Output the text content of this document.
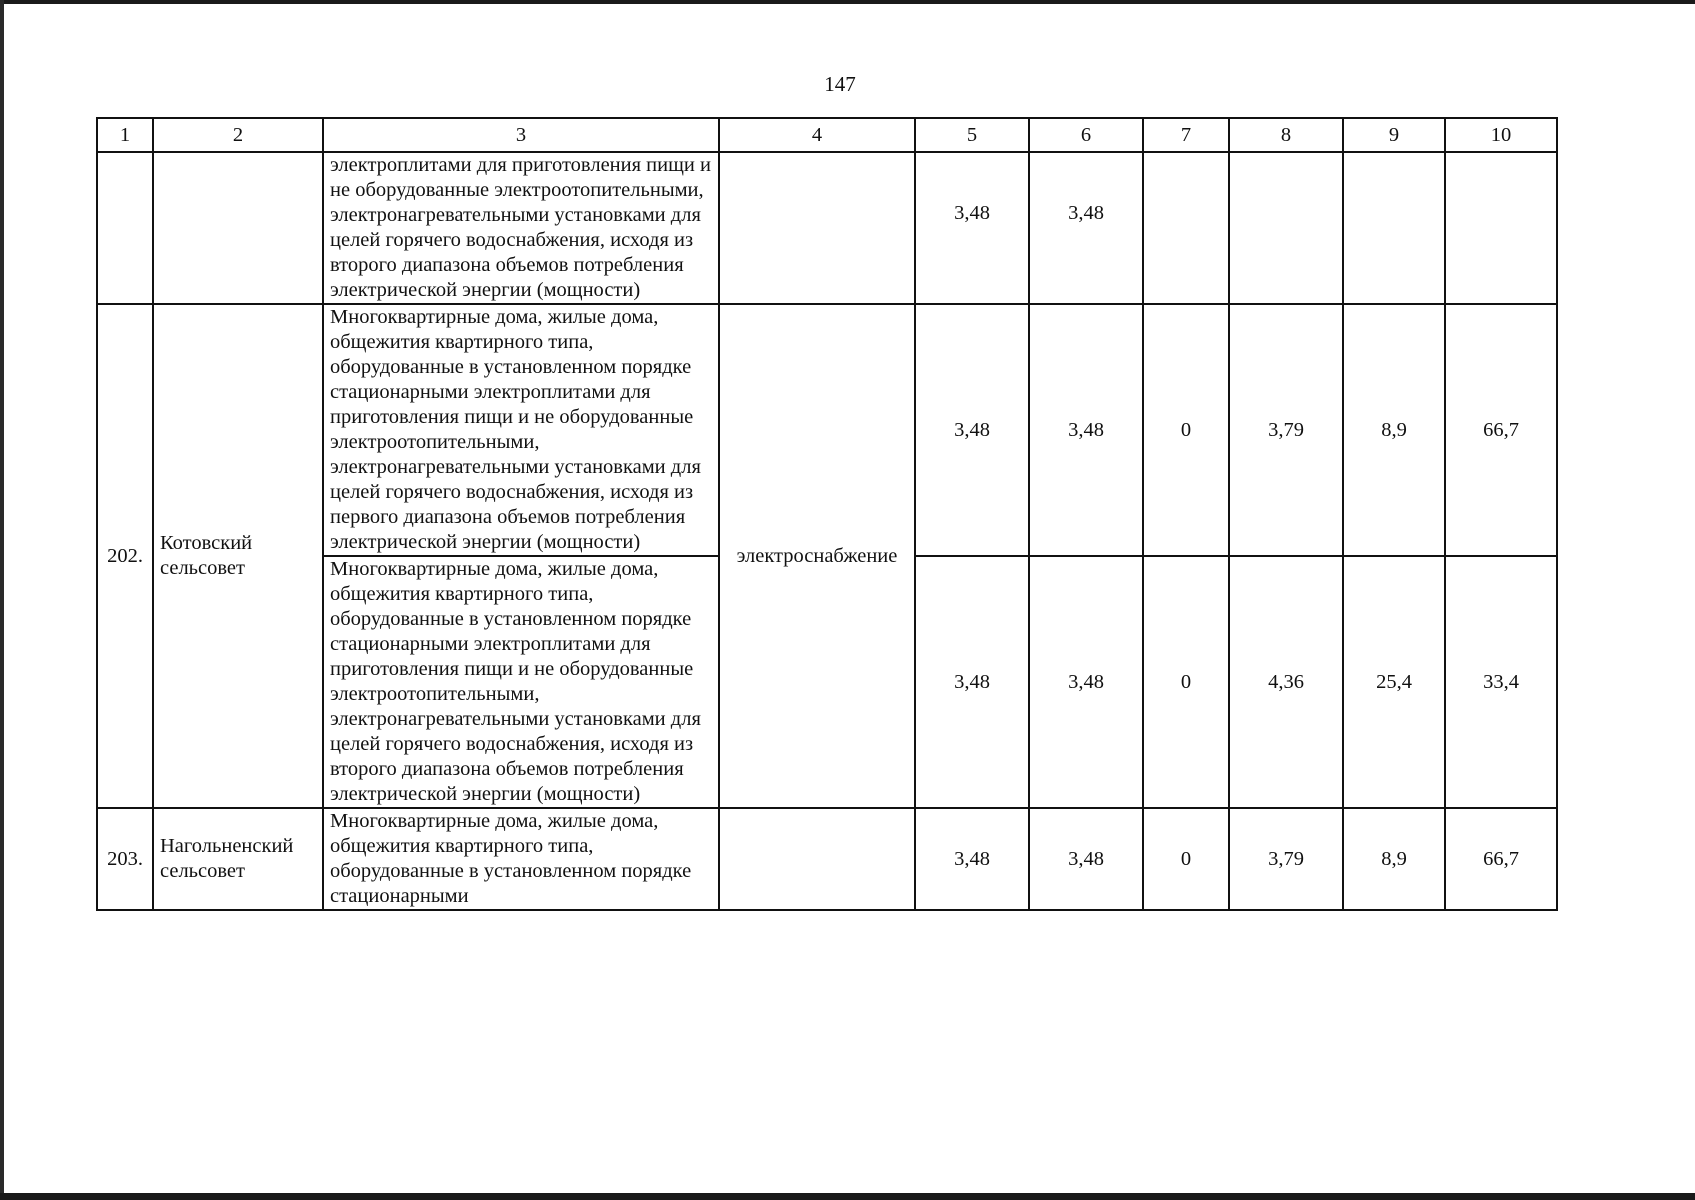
147
1	2	3	4	5	6	7	8	9	10
		электроплитами для приготовления пищи и не оборудованные электроотопительными, электронагревательными установками для целей горячего водоснабжения, исходя из второго диапазона объемов потребления электрической энергии (мощности)		3,48	3,48				
202.	Котовский сельсовет	Многоквартирные дома, жилые дома, общежития квартирного типа, оборудованные в установленном порядке стационарными электроплитами для приготовления пищи и не оборудованные электроотопительными, электронагревательными установками для целей горячего водоснабжения, исходя из первого диапазона объемов потребления электрической энергии (мощности)	электроснабжение	3,48	3,48	0	3,79	8,9	66,7
		Многоквартирные дома, жилые дома, общежития квартирного типа, оборудованные в установленном порядке стационарными электроплитами для приготовления пищи и не оборудованные электроотопительными, электронагревательными установками для целей горячего водоснабжения, исходя из второго диапазона объемов потребления электрической энергии (мощности)		3,48	3,48	0	4,36	25,4	33,4
203.	Нагольненский сельсовет	Многоквартирные дома, жилые дома, общежития квартирного типа, оборудованные в установленном порядке стационарными		3,48	3,48	0	3,79	8,9	66,7
